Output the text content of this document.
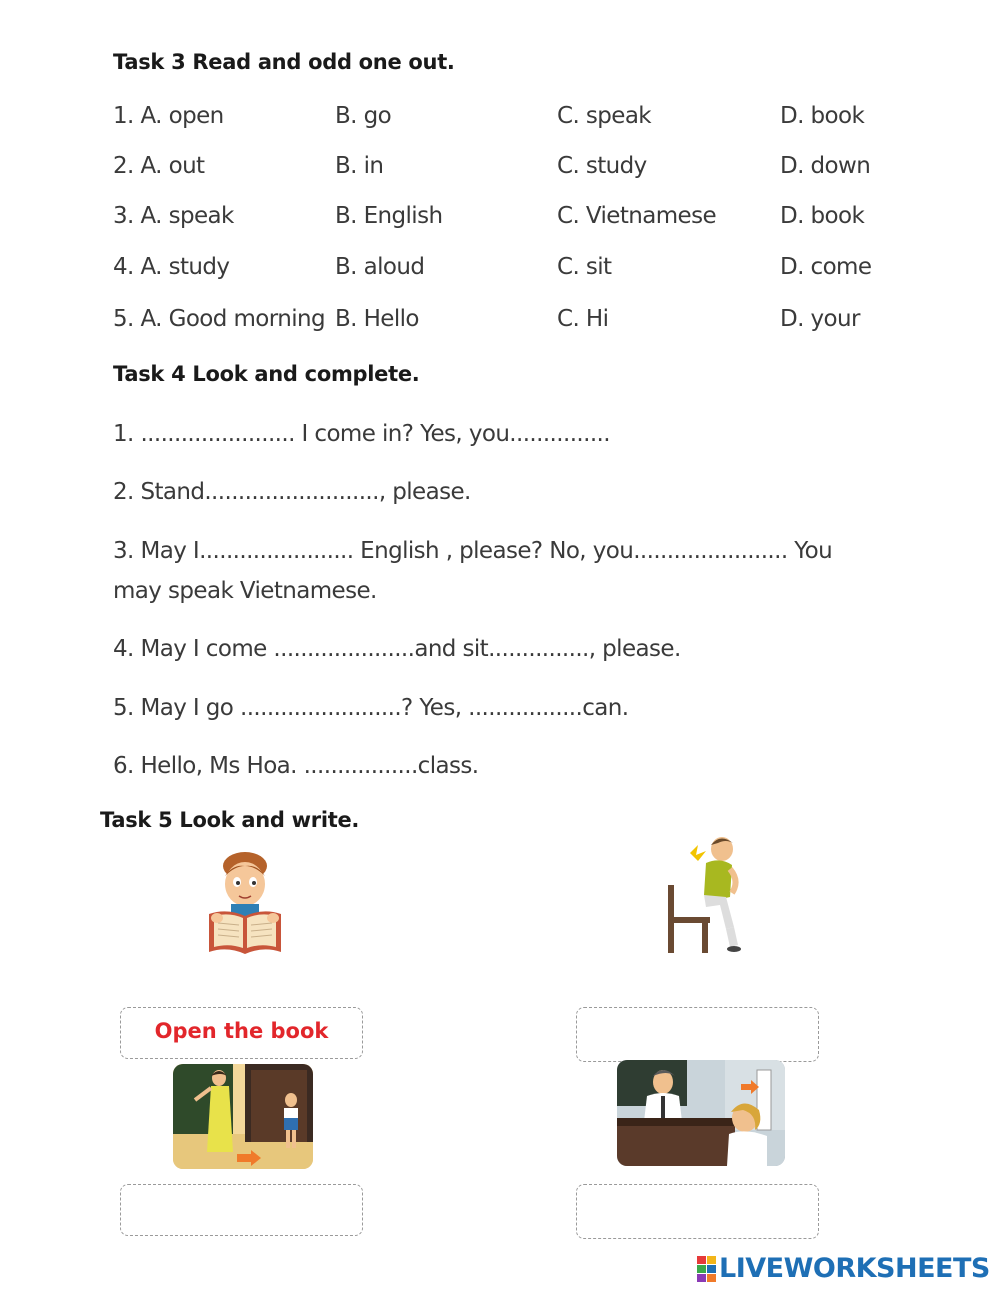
Task 3 Read and odd one out.
1. A. open	B. go	C. speak	D. book
2. A. out	B. in	C. study	D. down
3. A. speak	B. English	C. Vietnamese	D. book
4. A. study	B. aloud	C. sit	D. come
5. A. Good morning B. Hello	C. Hi	D. your
Task 4 Look and complete.
1. ....................... I come in? Yes, you...............
2. Stand.........................., please.
3. May I....................... English , please? No, you....................... You
may speak Vietnamese.
4. May I come .....................and sit..............., please.
5. May I go ........................? Yes, .................can.
6. Hello, Ms Hoa. .................class.
Task 5 Look and write.
Open the book
LIVEWORKSHEETS
